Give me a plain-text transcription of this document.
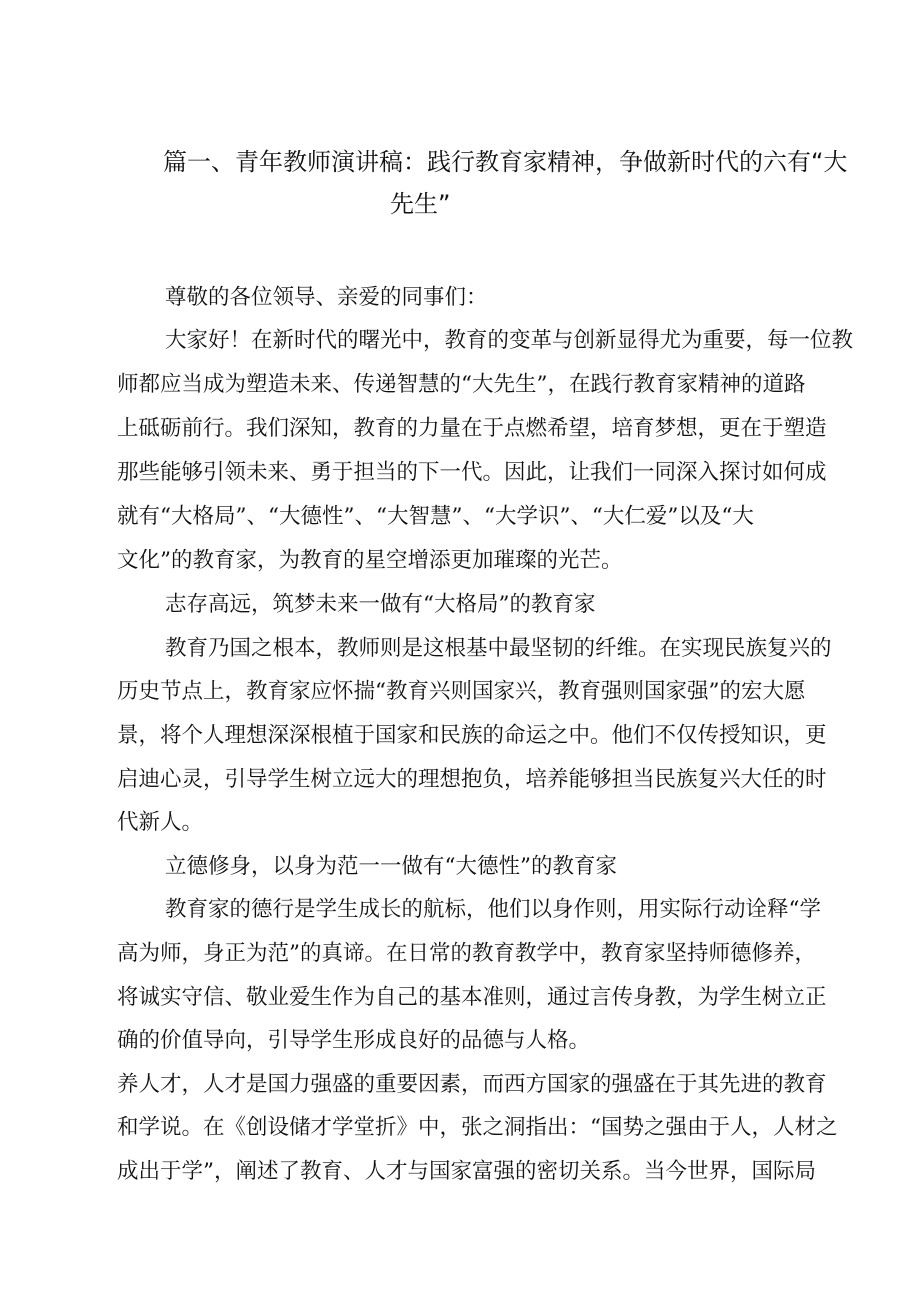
篇一、青年教师演讲稿：践行教育家精神，争做新时代的六有“大
先生”
尊敬的各位领导、亲爱的同事们：
大家好！在新时代的曙光中，教育的变革与创新显得尤为重要，每一位教
师都应当成为塑造未来、传递智慧的“大先生”，在践行教育家精神的道路
上砥砺前行。我们深知，教育的力量在于点燃希望，培育梦想，更在于塑造
那些能够引领未来、勇于担当的下一代。因此，让我们一同深入探讨如何成
就有“大格局”、“大德性”、“大智慧”、“大学识”、“大仁爱”以及“大
文化”的教育家，为教育的星空增添更加璀璨的光芒。
志存高远，筑梦未来一做有“大格局”的教育家
教育乃国之根本，教师则是这根基中最坚韧的纤维。在实现民族复兴的
历史节点上，教育家应怀揣“教育兴则国家兴，教育强则国家强”的宏大愿
景，将个人理想深深根植于国家和民族的命运之中。他们不仅传授知识，更
启迪心灵，引导学生树立远大的理想抱负，培养能够担当民族复兴大任的时
代新人。
立德修身，以身为范一一做有“大德性”的教育家
教育家的德行是学生成长的航标，他们以身作则，用实际行动诠释“学
高为师，身正为范”的真谛。在日常的教育教学中，教育家坚持师德修养，
将诚实守信、敬业爱生作为自己的基本准则，通过言传身教，为学生树立正
确的价值导向，引导学生形成良好的品德与人格。
养人才，人才是国力强盛的重要因素，而西方国家的强盛在于其先进的教育
和学说。在《创设储才学堂折》中，张之洞指出：“国势之强由于人，人材之
成出于学”，阐述了教育、人才与国家富强的密切关系。当今世界，国际局
